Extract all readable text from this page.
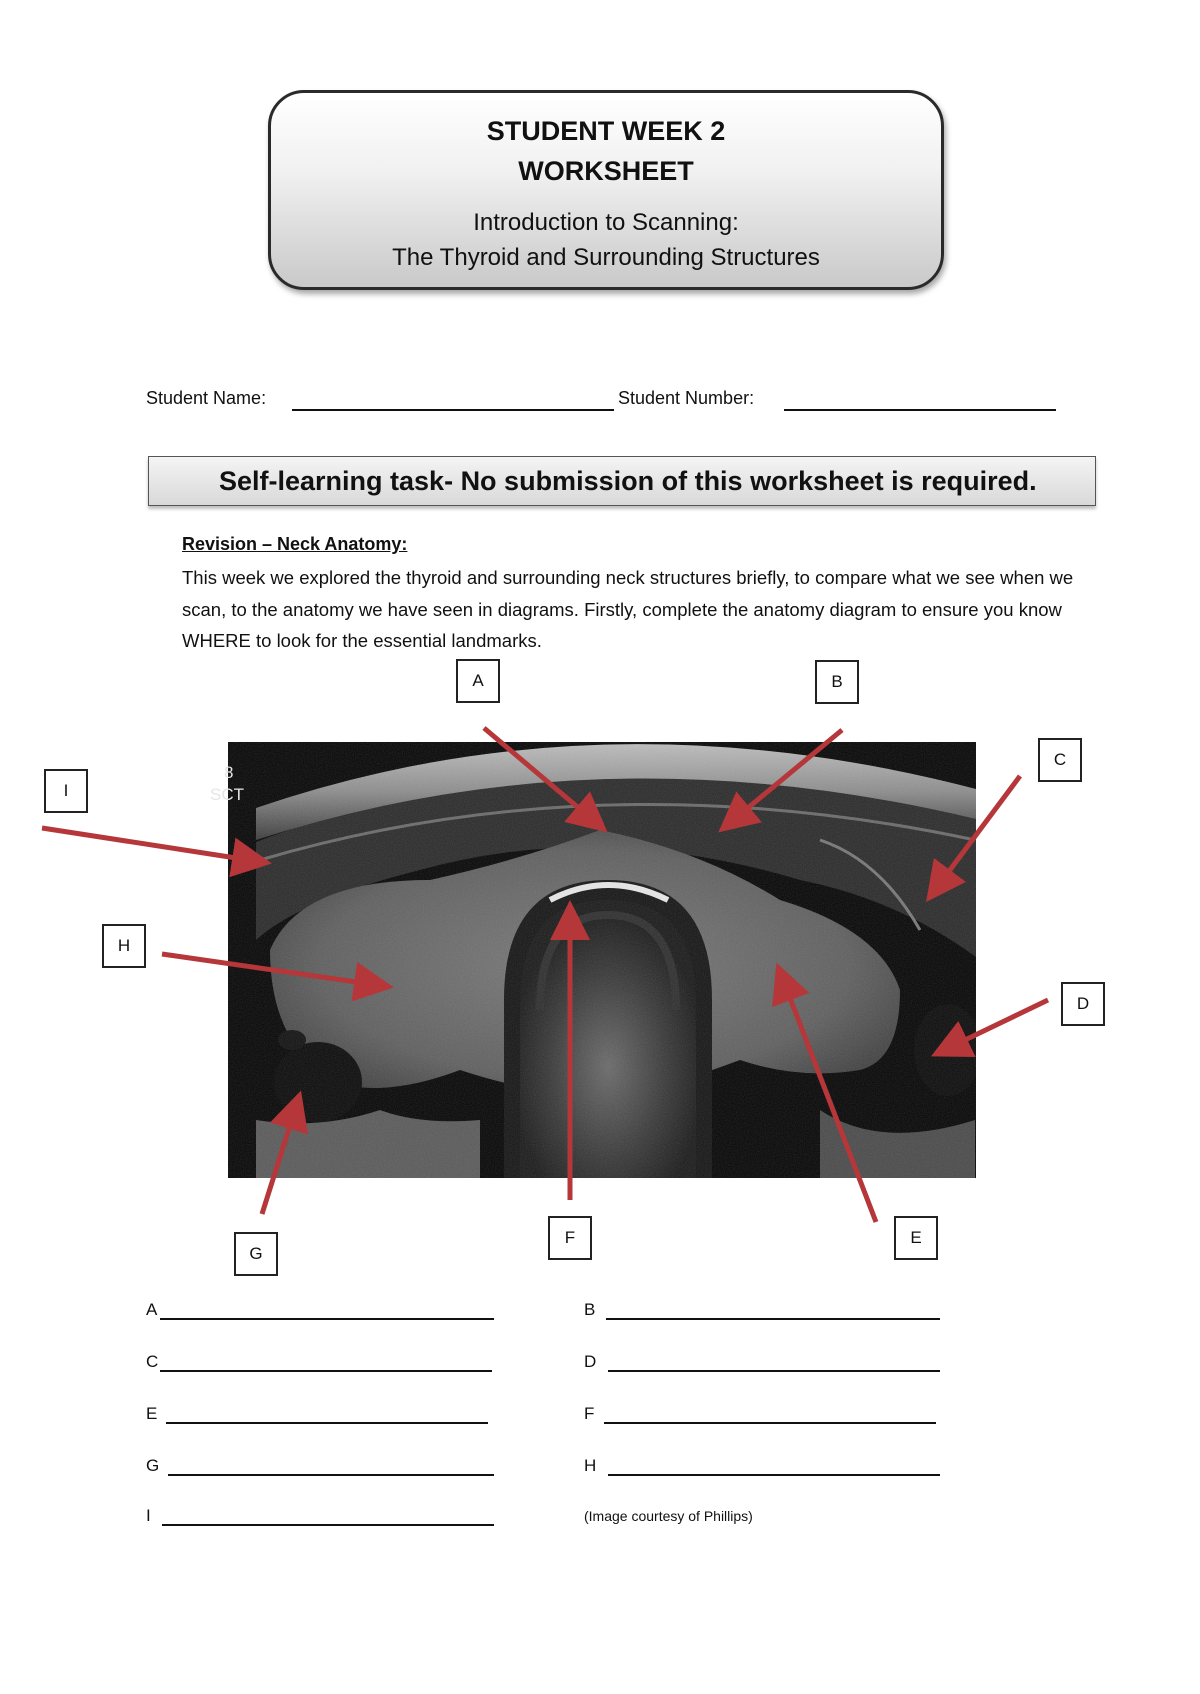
STUDENT WEEK 2
WORKSHEET
Introduction to Scanning:
The Thyroid and Surrounding Structures
Student Name:	Student Number:
Self-learning task- No submission of this worksheet is required.
Revision – Neck Anatomy:
This week we explored the thyroid and surrounding neck structures briefly, to compare what we see when we scan, to the anatomy we have seen in diagrams. Firstly, complete the anatomy diagram to ensure you know WHERE to look for the essential landmarks.
8
SCT
A	B
C
D
E
F
G
H
I
A	B
C	D
E	F
G	H
I	(Image courtesy of Phillips)
